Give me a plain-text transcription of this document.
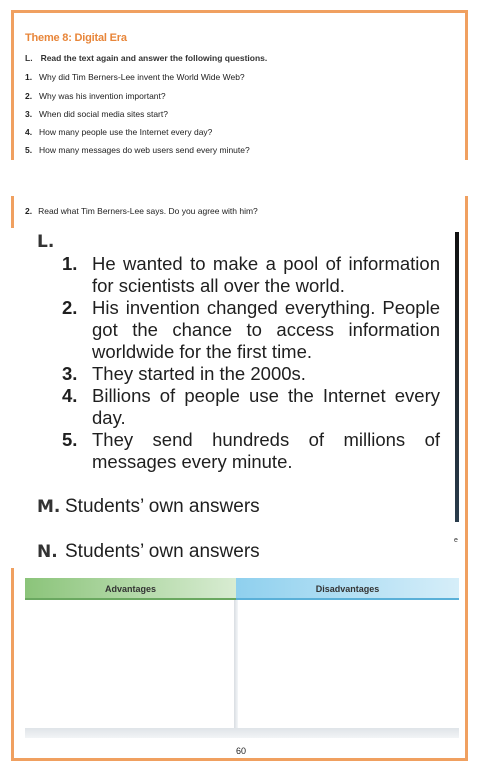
Theme 8: Digital Era
L. Read the text again and answer the following questions.
1. Why did Tim Berners-Lee invent the World Wide Web?
2. Why was his invention important?
3. When did social media sites start?
4. How many people use the Internet every day?
5. How many messages do web users send every minute?
2. Read what Tim Berners-Lee says. Do you agree with him?
e
L.
1. He wanted to make a pool of information for scientists all over the world.
2. His invention changed everything. People got the chance to access information worldwide for the first time.
3. They started in the 2000s.
4. Billions of people use the Internet every day.
5. They send hundreds of millions of messages every minute.
M. Students’ own answers
N. Students’ own answers
Advantages	Disadvantages
60
